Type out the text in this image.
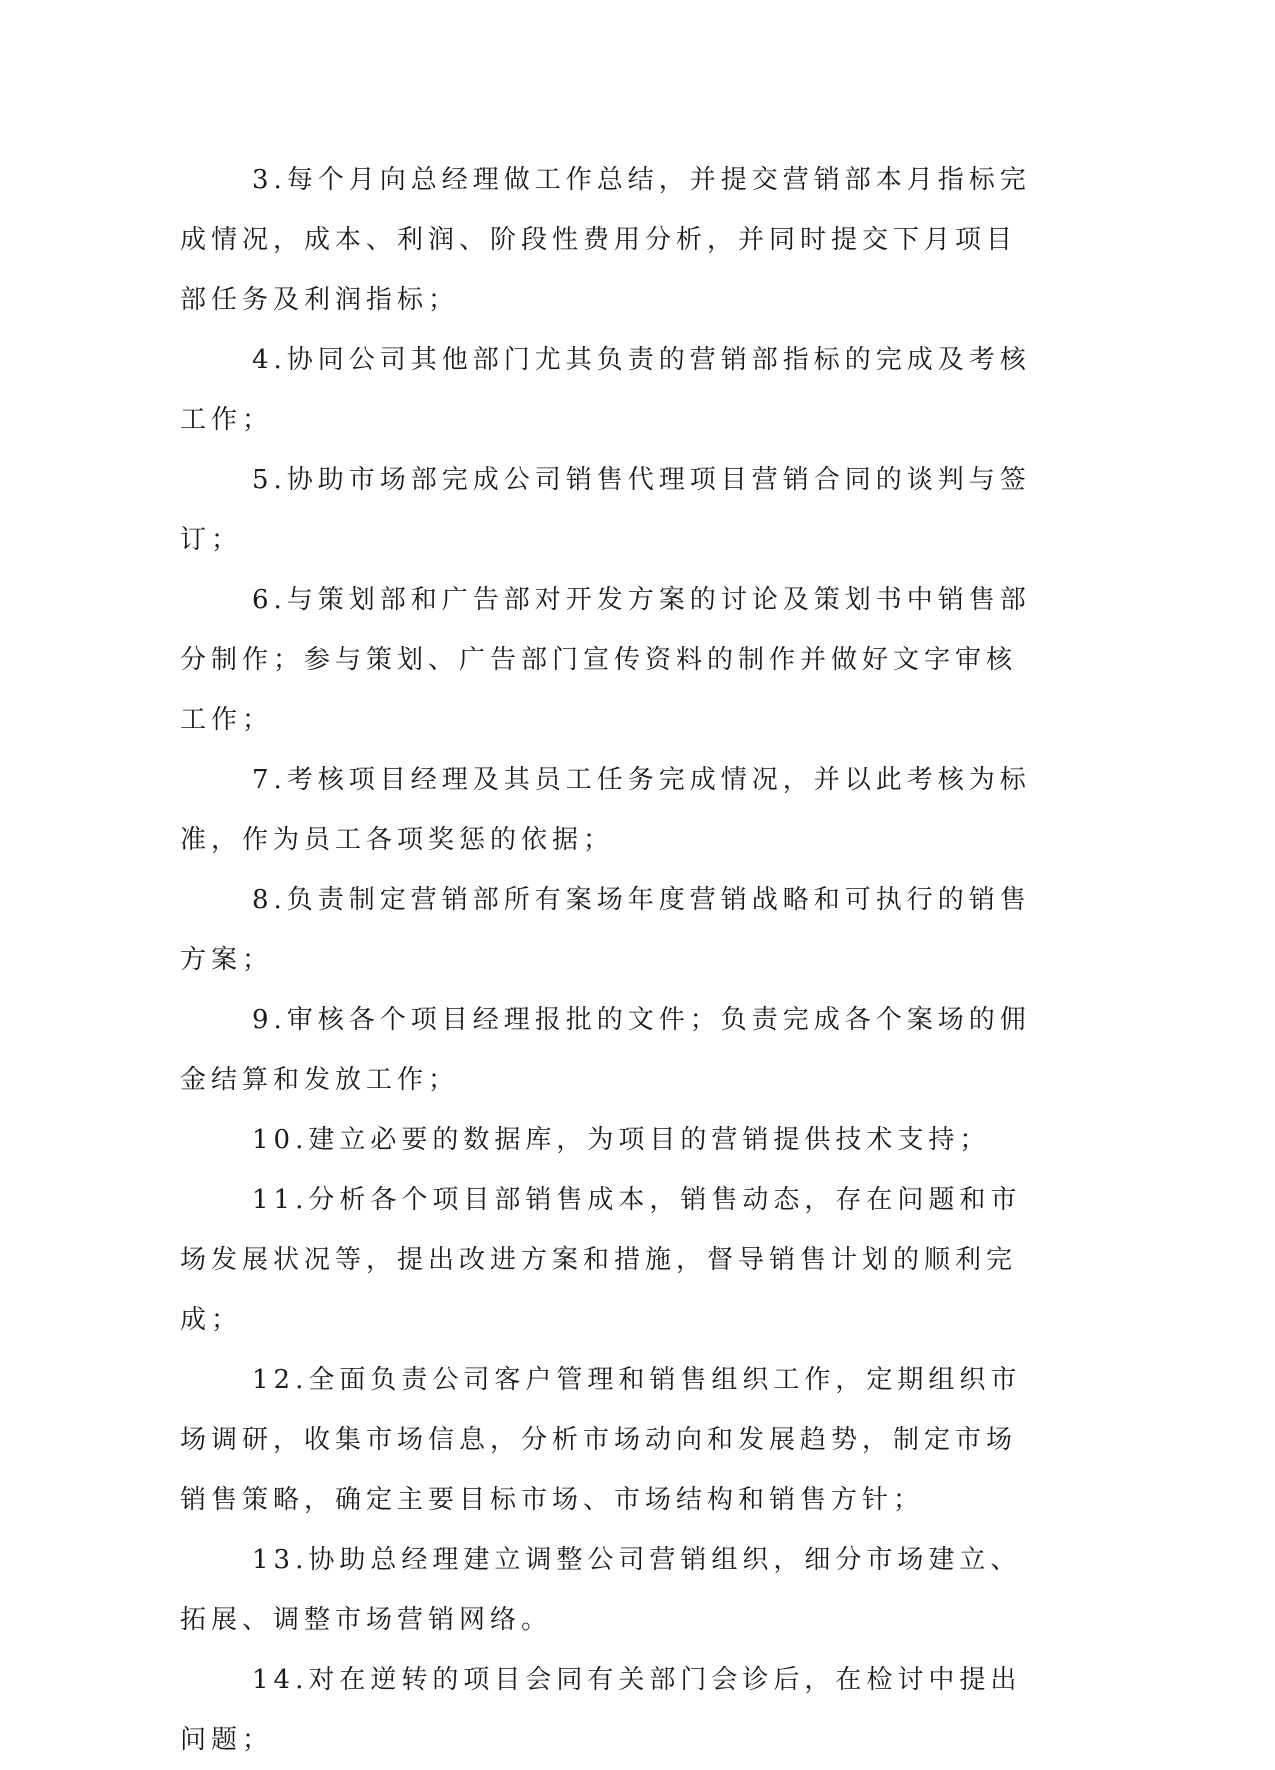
3.每个月向总经理做工作总结，并提交营销部本月指标完成情况，成本、利润、阶段性费用分析，并同时提交下月项目部任务及利润指标；

4.协同公司其他部门尤其负责的营销部指标的完成及考核工作；

5.协助市场部完成公司销售代理项目营销合同的谈判与签订；

6.与策划部和广告部对开发方案的讨论及策划书中销售部分制作；参与策划、广告部门宣传资料的制作并做好文字审核工作；

7.考核项目经理及其员工任务完成情况，并以此考核为标准，作为员工各项奖惩的依据；

8.负责制定营销部所有案场年度营销战略和可执行的销售方案；

9.审核各个项目经理报批的文件；负责完成各个案场的佣金结算和发放工作；

10.建立必要的数据库，为项目的营销提供技术支持；

11.分析各个项目部销售成本，销售动态，存在问题和市场发展状况等，提出改进方案和措施，督导销售计划的顺利完成；

12.全面负责公司客户管理和销售组织工作，定期组织市场调研，收集市场信息，分析市场动向和发展趋势，制定市场销售策略，确定主要目标市场、市场结构和销售方针；

13.协助总经理建立调整公司营销组织，细分市场建立、拓展、调整市场营销网络。

14.对在逆转的项目会同有关部门会诊后，在检讨中提出问题；
